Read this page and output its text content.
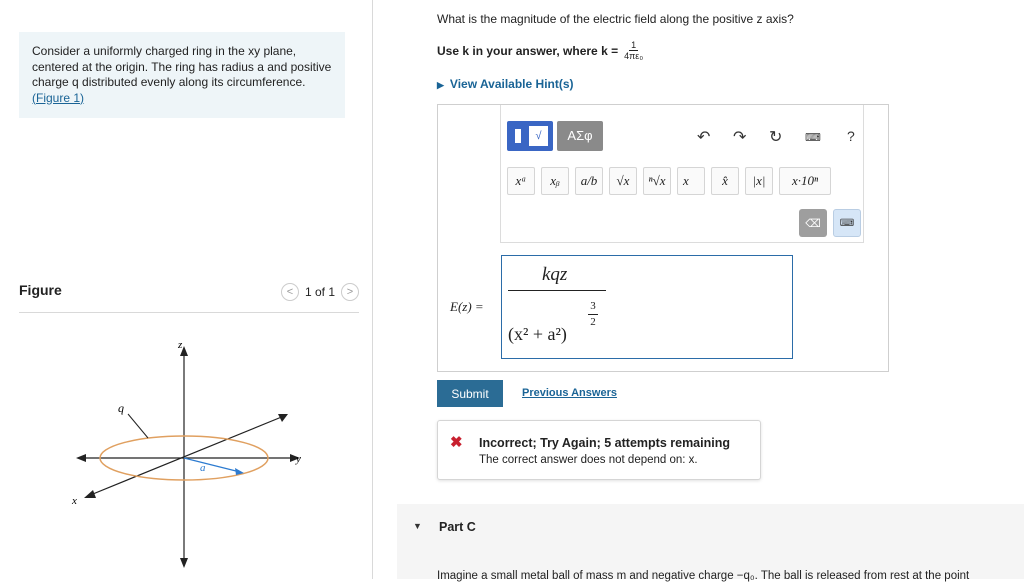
Consider a uniformly charged ring in the xy plane,
centered at the origin. The ring has radius a and positive
charge q distributed evenly along its circumference.
(Figure 1)
Figure	< 1 of 1	>
z
y
x
q
a
What is the magnitude of the electric field along the positive z axis?
Use k in your answer, where $k = \frac{1}{\text{4πε₀}}$
▶ View Available Hint(s)
√	ΑΣφ	↶ ↷ ↻ ⌨ ?
xᵃ	xᵦ	a/b	√x	ⁿ√x	x⃗	x̂	|x|	x·10ⁿ
⌫	⌨
E(z) =
kqz
3
2
(x² + a²)
Submit	Previous Answers
✖ Incorrect; Try Again; 5 attempts remaining
The correct answer does not depend on: x.
▼ Part C
Imagine a small metal ball of mass m and negative charge −q₀. The ball is released from rest at the point
